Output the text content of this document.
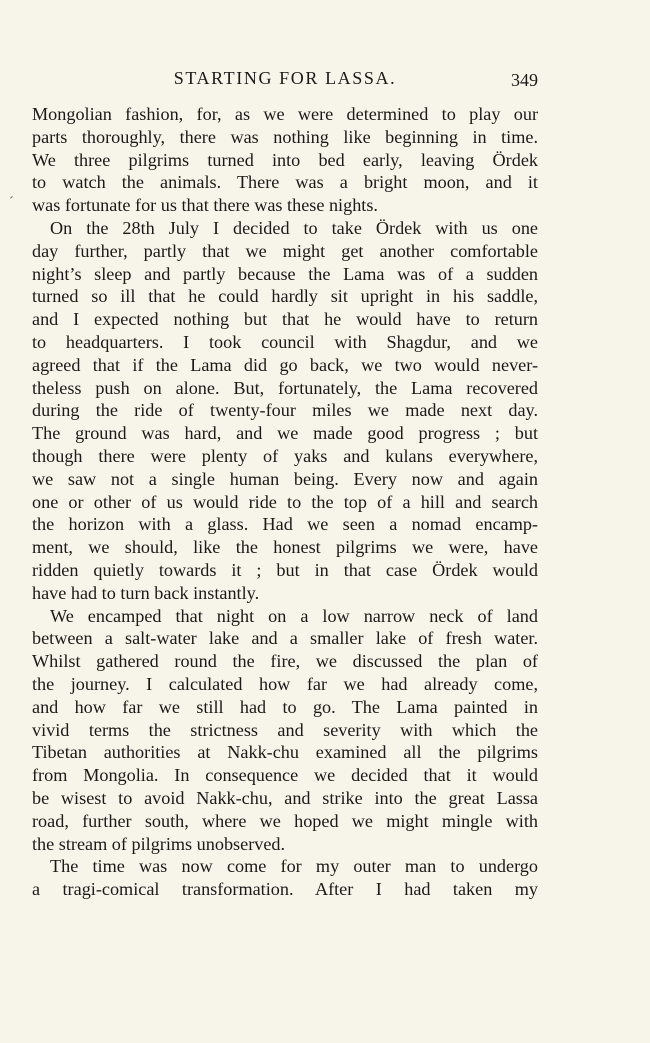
STARTING FOR LASSA.	349
ˊ
Mongolian fashion, for, as we were determined to play our
parts thoroughly, there was nothing like beginning in time.
We three pilgrims turned into bed early, leaving Ördek
to watch the animals. There was a bright moon, and it
was fortunate for us that there was these nights.
On the 28th July I decided to take Ördek with us one
day further, partly that we might get another comfortable
night’s sleep and partly because the Lama was of a sudden
turned so ill that he could hardly sit upright in his saddle,
and I expected nothing but that he would have to return
to headquarters. I took council with Shagdur, and we
agreed that if the Lama did go back, we two would never-
theless push on alone. But, fortunately, the Lama recovered
during the ride of twenty-four miles we made next day.
The ground was hard, and we made good progress ; but
though there were plenty of yaks and kulans everywhere,
we saw not a single human being. Every now and again
one or other of us would ride to the top of a hill and search
the horizon with a glass. Had we seen a nomad encamp-
ment, we should, like the honest pilgrims we were, have
ridden quietly towards it ; but in that case Ördek would
have had to turn back instantly.
We encamped that night on a low narrow neck of land
between a salt-water lake and a smaller lake of fresh water.
Whilst gathered round the fire, we discussed the plan of
the journey. I calculated how far we had already come,
and how far we still had to go. The Lama painted in
vivid terms the strictness and severity with which the
Tibetan authorities at Nakk-chu examined all the pilgrims
from Mongolia. In consequence we decided that it would
be wisest to avoid Nakk-chu, and strike into the great Lassa
road, further south, where we hoped we might mingle with
the stream of pilgrims unobserved.
The time was now come for my outer man to undergo
a tragi-comical transformation. After I had taken my
